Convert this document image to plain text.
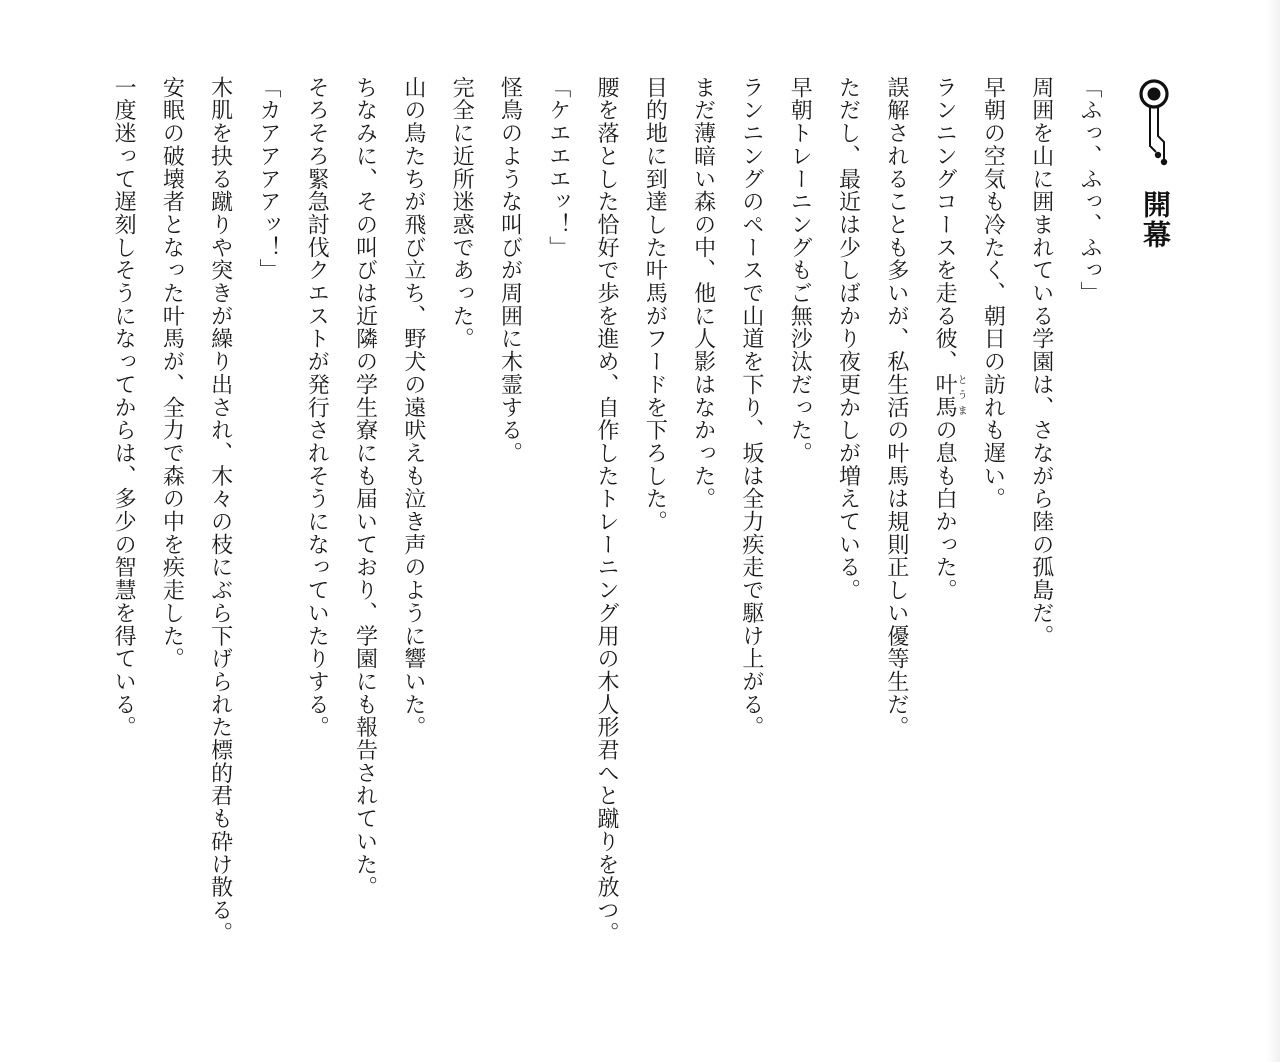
開幕
「ふっ、ふっ、ふっ」
周囲を山に囲まれている学園は、さながら陸の孤島だ。
早朝の空気も冷たく、朝日の訪れも遅い。
ランニングコースを走る彼、叶馬とうまの息も白かった。
誤解されることも多いが、私生活の叶馬は規則正しい優等生だ。
ただし、最近は少しばかり夜更かしが増えている。
早朝トレーニングもご無沙汰だった。
ランニングのペースで山道を下り、坂は全力疾走で駆け上がる。
まだ薄暗い森の中、他に人影はなかった。
目的地に到達した叶馬がフードを下ろした。
腰を落とした恰好で歩を進め、自作したトレーニング用の木人形君へと蹴りを放つ。
「ケエエエッ！」
怪鳥のような叫びが周囲に木霊する。
完全に近所迷惑であった。
山の鳥たちが飛び立ち、野犬の遠吠えも泣き声のように響いた。
ちなみに、その叫びは近隣の学生寮にも届いており、学園にも報告されていた。
そろそろ緊急討伐クエストが発行されそうになっていたりする。
「カアアアアッ！」
木肌を抉る蹴りや突きが繰り出され、木々の枝にぶら下げられた標的君も砕け散る。
安眠の破壊者となった叶馬が、全力で森の中を疾走した。
一度迷って遅刻しそうになってからは、多少の智慧を得ている。
